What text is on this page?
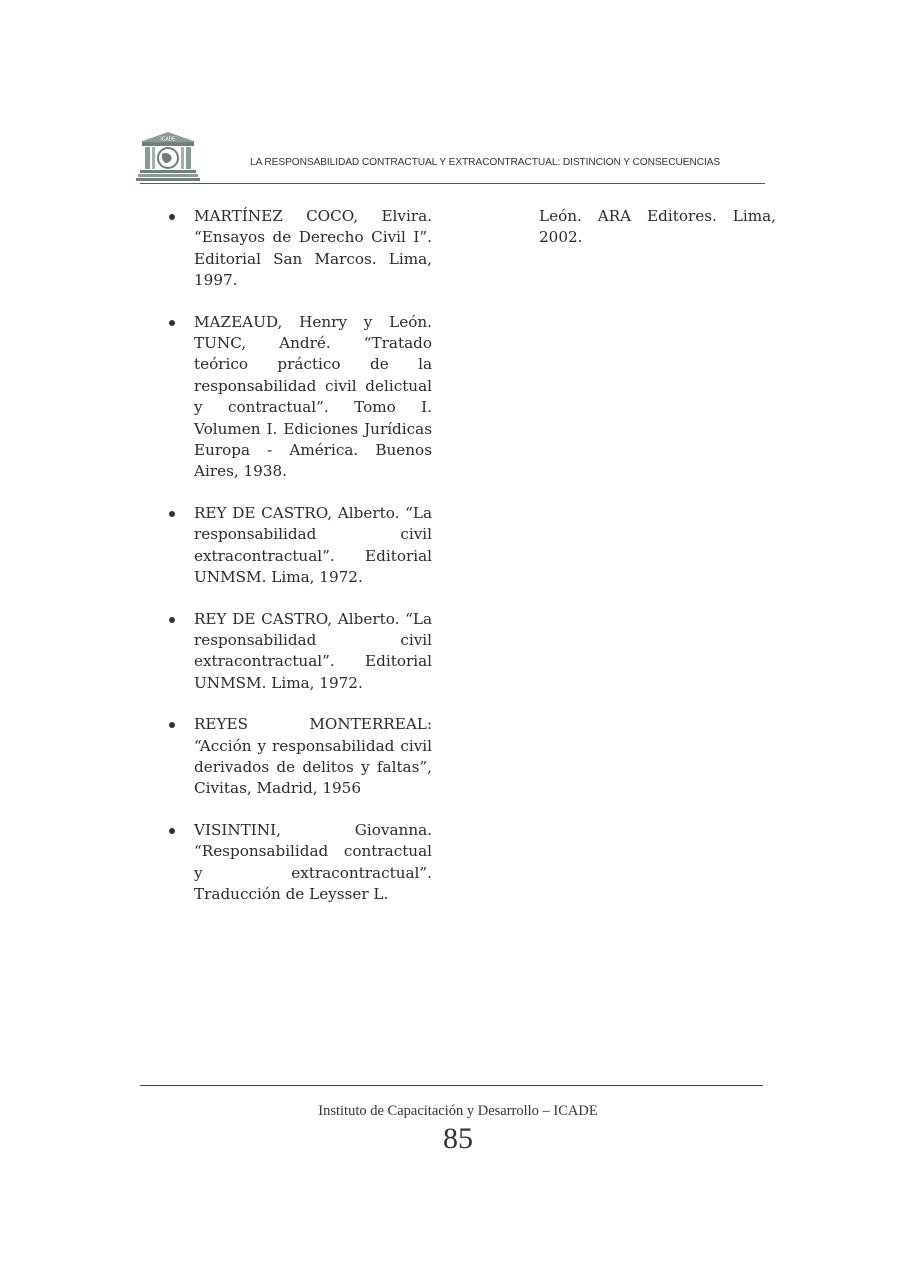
ICADE
LA RESPONSABILIDAD CONTRACTUAL Y EXTRACONTRACTUAL: DISTINCION Y CONSECUENCIAS
MARTÍNEZ COCO, Elvira. “Ensayos de Derecho Civil I”. Editorial San Marcos. Lima, 1997.
MAZEAUD, Henry y León. TUNC, André. “Tratado teórico práctico de la responsabilidad civil delictual y contractual”. Tomo I. Volumen I. Ediciones Jurídicas Europa - América. Buenos Aires, 1938.
REY DE CASTRO, Alberto. “La responsabilidad civil extracontractual”. Editorial UNMSM. Lima, 1972.
REY DE CASTRO, Alberto. “La responsabilidad civil extracontractual”. Editorial UNMSM. Lima, 1972.
REYES MONTERREAL: “Acción y responsabilidad civil derivados de delitos y faltas”, Civitas, Madrid, 1956
VISINTINI, Giovanna. “Responsabilidad contractual y extracontractual”. Traducción de Leysser L.
León. ARA Editores. Lima, 2002.
Instituto de Capacitación y Desarrollo – ICADE
85
